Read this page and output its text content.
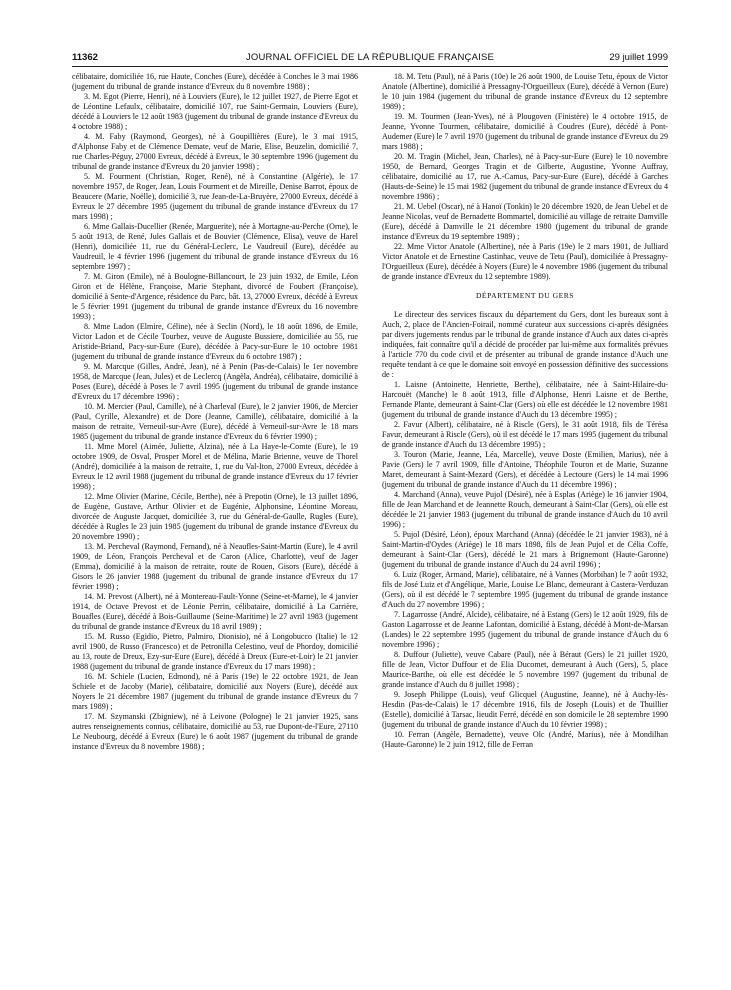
11362	JOURNAL OFFICIEL DE LA RÉPUBLIQUE FRANÇAISE	29 juillet 1999

célibataire, domiciliée 16, rue Haute, Conches (Eure), décédée à Conches le 3 mai 1986 (jugement du tribunal de grande instance d'Evreux du 8 novembre 1988) ;

3. M. Egot (Pierre, Henri), né à Louviers (Eure), le 12 juillet 1927, de Pierre Egot et de Léontine Lefaulx, célibataire, domicilié 107, rue Saint-Germain, Louviers (Eure), décédé à Louviers le 12 août 1983 (jugement du tribunal de grande instance d'Evreux du 4 octobre 1988) ;

4. M. Faby (Raymond, Georges), né à Goupillières (Eure), le 3 mai 1915, d'Alphonse Faby et de Clémence Demate, veuf de Marie, Elise, Beuzelin, domicilié 7, rue Charles-Péguy, 27000 Evreux, décédé à Evreux, le 30 septembre 1996 (jugement du tribunal de grande instance d'Evreux du 20 janvier 1998) ;

5. M. Fourment (Christian, Roger, René), né à Constantine (Algérie), le 17 novembre 1957, de Roger, Jean, Louis Fourment et de Mireille, Denise Barrot, époux de Beaucere (Marie, Noëlle), domicilié 3, rue Jean-de-La-Bruyère, 27000 Evreux, décédé à Evreux le 27 décembre 1995 (jugement du tribunal de grande instance d'Evreux du 17 mars 1998) ;

6. Mme Gallais-Ducellier (Renée, Marguerite), née à Mortagne-au-Perche (Orne), le 5 août 1913, de René, Jules Gallais et de Bouvier (Clémence, Elisa), veuve de Harel (Henri), domiciliée 11, rue du Général-Leclerc, Le Vaudreuil (Eure), décédée au Vaudreuil, le 4 février 1996 (jugement du tribunal de grande instance d'Evreux du 16 septembre 1997) ;

7. M. Giron (Emile), né à Boulogne-Billancourt, le 23 juin 1932, de Emile, Léon Giron et de Hélène, Françoise, Marie Stephant, divorcé de Foubert (Françoise), domicilié à Sente-d'Argence, résidence du Parc, bât. 13, 27000 Evreux, décédé à Evreux le 5 février 1991 (jugement du tribunal de grande instance d'Evreux du 16 novembre 1993) ;

8. Mme Ladon (Elmire, Céline), née à Seclin (Nord), le 18 août 1896, de Emile, Victor Ladon et de Cécile Tourbez, veuve de Auguste Bussiere, domiciliée au 55, rue Aristide-Briand, Pacy-sur-Eure (Eure), décédée à Pacy-sur-Eure le 10 octobre 1981 (jugement du tribunal de grande instance d'Evreux du 6 octobre 1987) ;

9. M. Marcque (Gilles, André, Jean), né à Penin (Pas-de-Calais) le 1er novembre 1958, de Marcque (Jean, Jules) et de Leclercq (Angèla, Andréa), célibataire, domicilié à Poses (Eure), décédé à Poses le 7 avril 1995 (jugement du tribunal de grande instance d'Evreux du 17 décembre 1996) ;

10. M. Mercier (Paul, Camille), né à Charleval (Eure), le 2 janvier 1906, de Mercier (Paul, Cyrille, Alexandre) et de Dore (Jeanne, Camille), célibataire, domicilié à la maison de retraite, Verneuil-sur-Avre (Eure), décédé à Verneuil-sur-Avre le 18 mars 1985 (jugement du tribunal de grande instance d'Evreux du 6 février 1990) ;

11. Mme Morel (Aimée, Juliette, Alzina), née à La Haye-le-Comte (Eure), le 19 octobre 1909, de Osval, Prosper Morel et de Mélina, Marie Brienne, veuve de Thorel (André), domiciliée à la maison de retraite, 1, rue du Val-Iton, 27000 Evreux, décédée à Evreux le 12 avril 1988 (jugement du tribunal de grande instance d'Evreux du 17 février 1998) ;

12. Mme Olivier (Marine, Cécile, Berthe), née à Prepotin (Orne), le 13 juillet 1896, de Eugène, Gustave, Arthur Olivier et de Eugénie, Alphonsine, Léontine Moreau, divorcée de Auguste Jacquet, domiciliée 3, rue du Général-de-Gaulle, Rugles (Eure), décédée à Rugles le 23 juin 1985 (jugement du tribunal de grande instance d'Evreux du 20 novembre 1990) ;

13. M. Percheval (Raymond, Fernand), né à Neaufles-Saint-Martin (Eure), le 4 avril 1909, de Léon, François Percheval et de Caron (Alice, Charlotte), veuf de Jager (Emma), domicilié à la maison de retraite, route de Rouen, Gisors (Eure), décédé à Gisors le 26 janvier 1988 (jugement du tribunal de grande instance d'Evreux du 17 février 1998) ;

14. M. Prevost (Albert), né à Montereau-Fault-Yonne (Seine-et-Marne), le 4 janvier 1914, de Octave Prevost et de Léonie Perrin, célibataire, domicilié à La Carrière, Bouafles (Eure), décédé à Bois-Guillaume (Seine-Maritime) le 27 avril 1983 (jugement du tribunal de grande instance d'Evreux du 18 avril 1989) ;

15. M. Russo (Egidio, Pietro, Palmiro, Dionisio), né à Longobucco (Italie) le 12 avril 1900, de Russo (Francesco) et de Petronilla Celestino, veuf de Phordoy, domicilié au 13, route de Dreux, Ezy-sur-Eure (Eure), décédé à Dreux (Eure-et-Loir) le 21 janvier 1988 (jugement du tribunal de grande instance d'Evreux du 17 mars 1998) ;

16. M. Schiele (Lucien, Edmond), né à Paris (19e) le 22 octobre 1921, de Jean Schiele et de Jacoby (Marie), célibataire, domicilié aux Noyers (Eure), décédé aux Noyers le 21 décembre 1987 (jugement du tribunal de grande instance d'Evreux du 7 mars 1989) ;

17. M. Szymanski (Zbigniew), né à Leivone (Pologne) le 21 janvier 1925, sans autres renseignements connus, célibataire, domicilié au 53, rue Dupont-de-l'Eure, 27110 Le Neubourg, décédé à Evreux (Eure) le 6 août 1987 (jugement du tribunal de grande instance d'Evreux du 8 novembre 1988) ;

18. M. Tetu (Paul), né à Paris (10e) le 26 août 1900, de Louise Tetu, époux de Victor Anatole (Albertine), domicilié à Pressagny-l'Orgueilleux (Eure), décédé à Vernon (Eure) le 10 juin 1984 (jugement du tribunal de grande instance d'Evreux du 12 septembre 1989) ;

19. M. Tourmen (Jean-Yves), né à Plougoven (Finistère) le 4 octobre 1915, de Jeanne, Yvonne Tourmen, célibataire, domicilié à Coudres (Eure), décédé à Pont-Audemer (Eure) le 7 avril 1970 (jugement du tribunal de grande instance d'Evreux du 29 mars 1988) ;

20. M. Tragin (Michel, Jean, Charles), né à Pacy-sur-Eure (Eure) le 10 novembre 1950, de Bernard, Georges Tragin et de Gilberte, Augustine, Yvonne Auffray, célibataire, domicilié au 17, rue A.-Camus, Pacy-sur-Eure (Eure), décédé à Garches (Hauts-de-Seine) le 15 mai 1982 (jugement du tribunal de grande instance d'Evreux du 4 novembre 1986) ;

21. M. Uebel (Oscar), né à Hanoï (Tonkin) le 20 décembre 1920, de Jean Uebel et de Jeanne Nicolas, veuf de Bernadette Bommartel, domicilié au village de retraite Damville (Eure), décédé à Damville le 21 décembre 1980 (jugement du tribunal de grande instance d'Evreux du 19 septembre 1989) ;

22. Mme Victor Anatole (Albertine), née à Paris (19e) le 2 mars 1901, de Julliard Victor Anatole et de Ernestine Castinhac, veuve de Tetu (Paul), domiciliée à Pressagny-l'Orgueilleux (Eure), décédée à Noyers (Eure) le 4 novembre 1986 (jugement du tribunal de grande instance d'Evreux du 12 septembre 1989).

DÉPARTEMENT DU GERS

Le directeur des services fiscaux du département du Gers, dont les bureaux sont à Auch, 2, place de l'Ancien-Foirail, nommé curateur aux successions ci-après désignées par divers jugements rendus par le tribunal de grande instance d'Auch aux dates ci-après indiquées, fait connaître qu'il a décidé de procéder par lui-même aux formalités prévues à l'article 770 du code civil et de présenter au tribunal de grande instance d'Auch une requête tendant à ce que le domaine soit envoyé en possession définitive des successions de :

1. Laisne (Antoinette, Henriette, Berthe), célibataire, née à Saint-Hilaire-du-Harcouët (Manche) le 8 août 1913, fille d'Alphonse, Henri Laisne et de Berthe, Fernande Plante, demeurant à Saint-Clar (Gers) où elle est décédée le 12 novembre 1981 (jugement du tribunal de grande instance d'Auch du 13 décembre 1995) ;

2. Favur (Albert), célibataire, né à Riscle (Gers), le 31 août 1918, fils de Térésa Favur, demeurant à Riscle (Gers), où il est décédé le 17 mars 1995 (jugement du tribunal de grande instance d'Auch du 13 décembre 1995) ;

3. Touron (Marie, Jeanne, Léa, Marcelle), veuve Doste (Emilien, Marius), née à Pavie (Gers) le 7 avril 1909, fille d'Antoine, Théophile Touron et de Marie, Suzanne Maret, demeurant à Saint-Mezard (Gers), et décédée à Lectoure (Gers) le 14 mai 1996 (jugement du tribunal de grande instance d'Auch du 11 décembre 1996) ;

4. Marchand (Anna), veuve Pujol (Désiré), née à Esplas (Ariège) le 16 janvier 1904, fille de Jean Marchand et de Jeannette Rouch, demeurant à Saint-Clar (Gers), où elle est décédée le 21 janvier 1983 (jugement du tribunal de grande instance d'Auch du 10 avril 1996) ;

5. Pujol (Désiré, Léon), époux Marchand (Anna) (décédée le 21 janvier 1983), né à Saint-Martin-d'Oydes (Ariège) le 18 mars 1898, fils de Jean Pujol et de Célia Coffe, demeurant à Saint-Clar (Gers), décédé le 21 mars à Brignemont (Haute-Garonne) (jugement du tribunal de grande instance d'Auch du 24 avril 1996) ;

6. Luiz (Roger, Armand, Marie), célibataire, né à Vannes (Morbihan) le 7 août 1932, fils de José Luiz et d'Angélique, Marie, Louise Le Blanc, demeurant à Castera-Verduzan (Gers), où il est décédé le 7 septembre 1995 (jugement du tribunal de grande instance d'Auch du 27 novembre 1996) ;

7. Lagarrosse (André, Alcide), célibataire, né à Estang (Gers) le 12 août 1929, fils de Gaston Lagarrosse et de Jeanne Lafontan, domicilié à Estang, décédé à Mont-de-Marsan (Landes) le 22 septembre 1995 (jugement du tribunal de grande instance d'Auch du 6 novembre 1996) ;

8. Duffour (Juliette), veuve Cabare (Paul), née à Béraut (Gers) le 21 juillet 1920, fille de Jean, Victor Duffour et de Elia Ducomet, demeurant à Auch (Gers), 5, place Maurice-Barthe, où elle est décédée le 5 novembre 1997 (jugement du tribunal de grande instance d'Auch du 8 juillet 1998) ;

9. Joseph Philippe (Louis), veuf Glicquel (Augustine, Jeanne), né à Auchy-lès-Hesdin (Pas-de-Calais) le 17 décembre 1916, fils de Joseph (Louis) et de Thuillier (Estelle), domicilié à Tarsac, lieudit Ferré, décédé en son domicile le 28 septembre 1990 (jugement du tribunal de grande instance d'Auch du 10 février 1998) ;

10. Ferran (Angèle, Bernadette), veuve Olc (André, Marius), née à Mondilhan (Haute-Garonne) le 2 juin 1912, fille de Ferran
